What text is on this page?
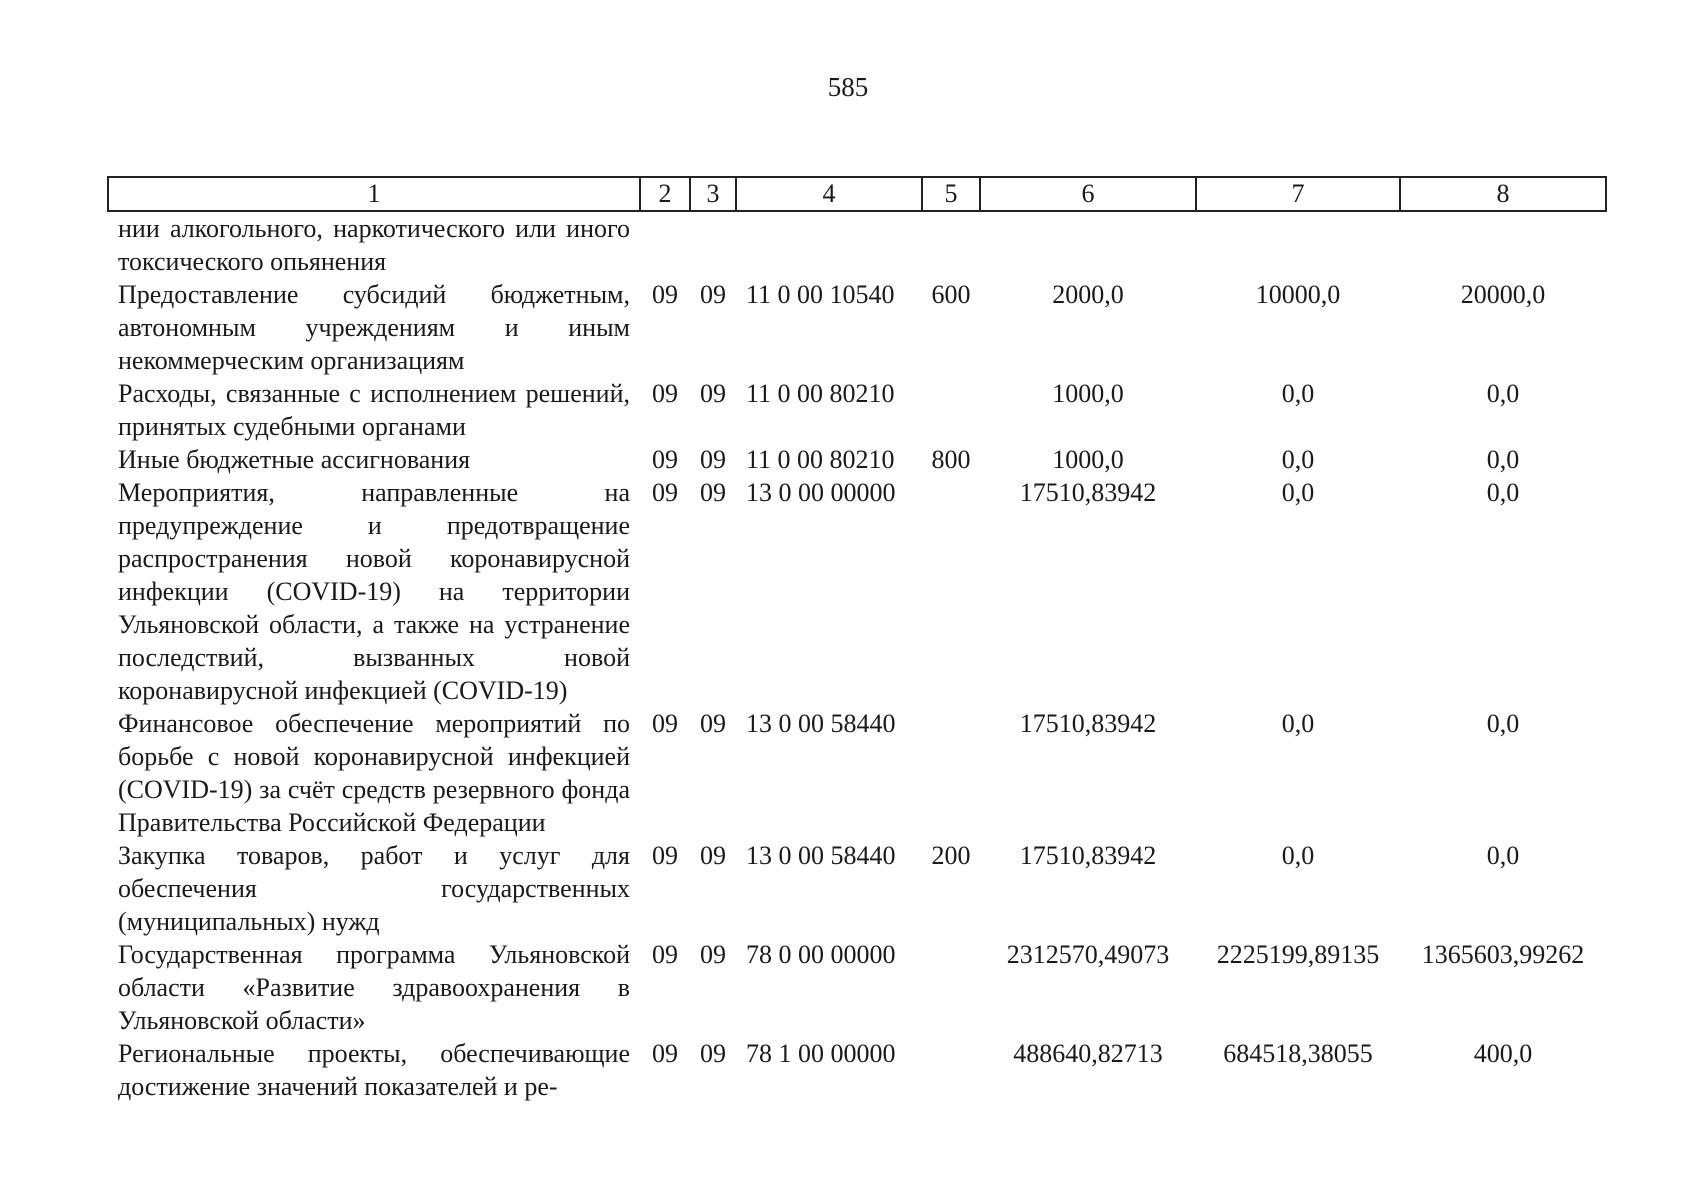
585
1	2	3	4	5	6	7	8
нии алкогольного, наркотического или иного токсического опьянения							
Предоставление субсидий бюджетным, автономным учреждениям и иным некоммерческим организациям	09	09	11 0 00 10540	600	2000,0	10000,0	20000,0
Расходы, связанные с исполнением решений, принятых судебными органами	09	09	11 0 00 80210		1000,0	0,0	0,0
Иные бюджетные ассигнования	09	09	11 0 00 80210	800	1000,0	0,0	0,0
Мероприятия, направленные на предупреждение и предотвращение распространения новой коронавирусной инфекции (COVID-19) на территории Ульяновской области, а также на устранение последствий, вызванных новой коронавирусной инфекцией (COVID-19)	09	09	13 0 00 00000		17510,83942	0,0	0,0
Финансовое обеспечение мероприятий по борьбе с новой коронавирусной инфекцией (COVID-19) за счёт средств резервного фонда Правительства Российской Федерации	09	09	13 0 00 58440		17510,83942	0,0	0,0
Закупка товаров, работ и услуг для обеспечения государственных (муниципальных) нужд	09	09	13 0 00 58440	200	17510,83942	0,0	0,0
Государственная программа Ульяновской области «Развитие здравоохранения в Ульяновской области»	09	09	78 0 00 00000		2312570,49073	2225199,89135	1365603,99262
Региональные проекты, обеспечивающие достижение значений показателей и ре-	09	09	78 1 00 00000		488640,82713	684518,38055	400,0
